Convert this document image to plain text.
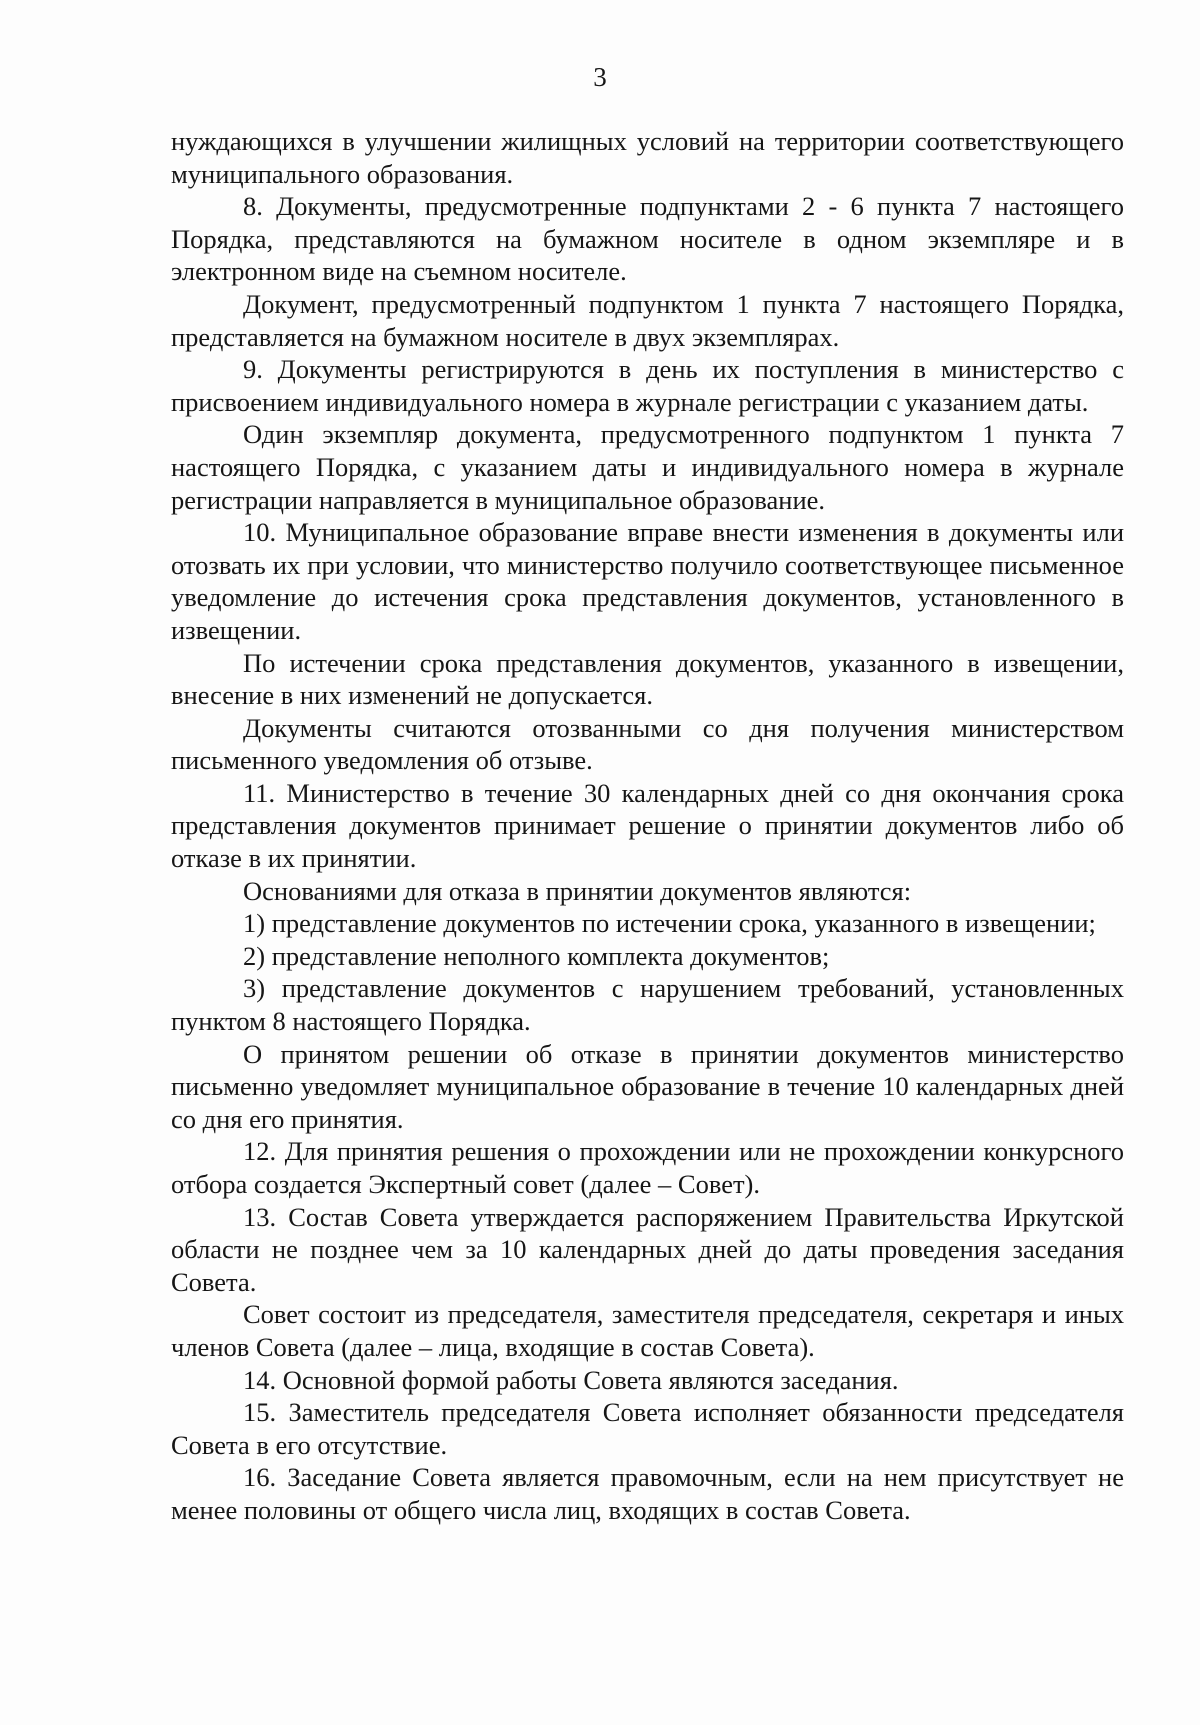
3

нуждающихся в улучшении жилищных условий на территории соответствующего муниципального образования.

8. Документы, предусмотренные подпунктами 2 - 6 пункта 7 настоящего Порядка, представляются на бумажном носителе в одном экземпляре и в электронном виде на съемном носителе.

Документ, предусмотренный подпунктом 1 пункта 7 настоящего Порядка, представляется на бумажном носителе в двух экземплярах.

9. Документы регистрируются в день их поступления в министерство с присвоением индивидуального номера в журнале регистрации с указанием даты.

Один экземпляр документа, предусмотренного подпунктом 1 пункта 7 настоящего Порядка, с указанием даты и индивидуального номера в журнале регистрации направляется в муниципальное образование.

10. Муниципальное образование вправе внести изменения в документы или отозвать их при условии, что министерство получило соответствующее письменное уведомление до истечения срока представления документов, установленного в извещении.

По истечении срока представления документов, указанного в извещении, внесение в них изменений не допускается.

Документы считаются отозванными со дня получения министерством письменного уведомления об отзыве.

11. Министерство в течение 30 календарных дней со дня окончания срока представления документов принимает решение о принятии документов либо об отказе в их принятии.

Основаниями для отказа в принятии документов являются:

1) представление документов по истечении срока, указанного в извещении;

2) представление неполного комплекта документов;

3) представление документов с нарушением требований, установленных пунктом 8 настоящего Порядка.

О принятом решении об отказе в принятии документов министерство письменно уведомляет муниципальное образование в течение 10 календарных дней со дня его принятия.

12. Для принятия решения о прохождении или не прохождении конкурсного отбора создается Экспертный совет (далее – Совет).

13. Состав Совета утверждается распоряжением Правительства Иркутской области не позднее чем за 10 календарных дней до даты проведения заседания Совета.

Совет состоит из председателя, заместителя председателя, секретаря и иных членов Совета (далее – лица, входящие в состав Совета).

14. Основной формой работы Совета являются заседания.

15. Заместитель председателя Совета исполняет обязанности председателя Совета в его отсутствие.

16. Заседание Совета является правомочным, если на нем присутствует не менее половины от общего числа лиц, входящих в состав Совета.
